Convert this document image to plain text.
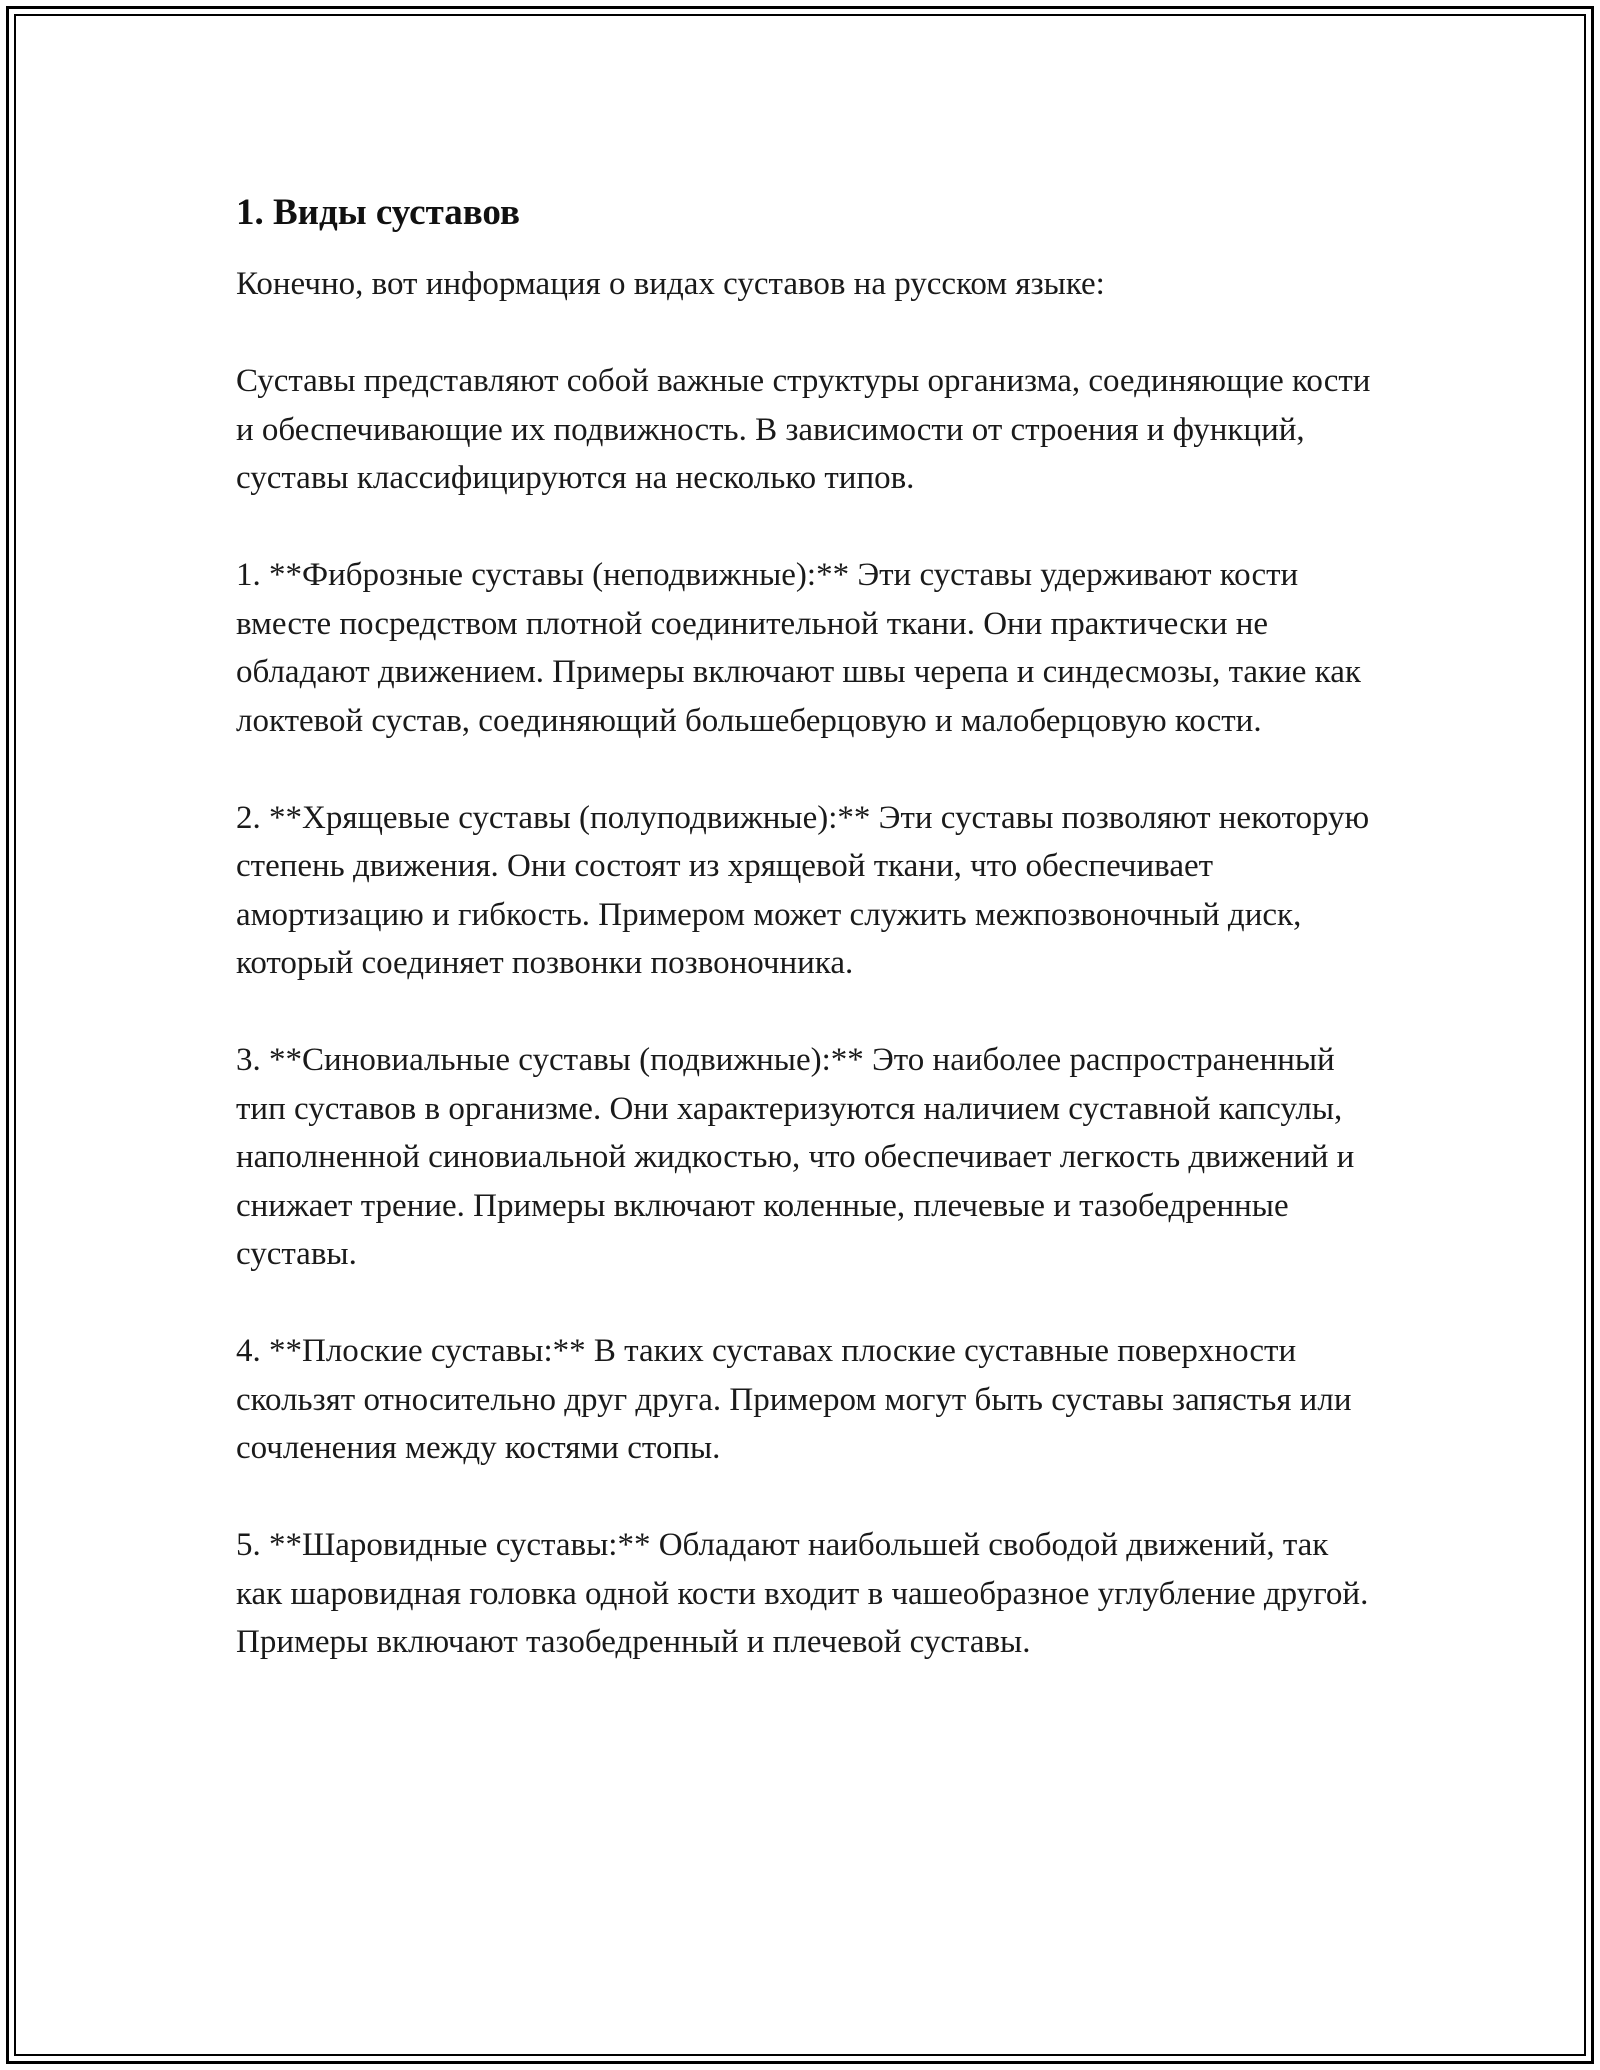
1. Виды суставов

Конечно, вот информация о видах суставов на русском языке:

Суставы представляют собой важные структуры организма, соединяющие кости и обеспечивающие их подвижность. В зависимости от строения и функций, суставы классифицируются на несколько типов.

1. **Фиброзные суставы (неподвижные):** Эти суставы удерживают кости вместе посредством плотной соединительной ткани. Они практически не обладают движением. Примеры включают швы черепа и синдесмозы, такие как локтевой сустав, соединяющий большеберцовую и малоберцовую кости.

2. **Хрящевые суставы (полуподвижные):** Эти суставы позволяют некоторую степень движения. Они состоят из хрящевой ткани, что обеспечивает амортизацию и гибкость. Примером может служить межпозвоночный диск, который соединяет позвонки позвоночника.

3. **Синовиальные суставы (подвижные):** Это наиболее распространенный тип суставов в организме. Они характеризуются наличием суставной капсулы, наполненной синовиальной жидкостью, что обеспечивает легкость движений и снижает трение. Примеры включают коленные, плечевые и тазобедренные суставы.

4. **Плоские суставы:** В таких суставах плоские суставные поверхности скользят относительно друг друга. Примером могут быть суставы запястья или сочленения между костями стопы.

5. **Шаровидные суставы:** Обладают наибольшей свободой движений, так как шаровидная головка одной кости входит в чашеобразное углубление другой. Примеры включают тазобедренный и плечевой суставы.
